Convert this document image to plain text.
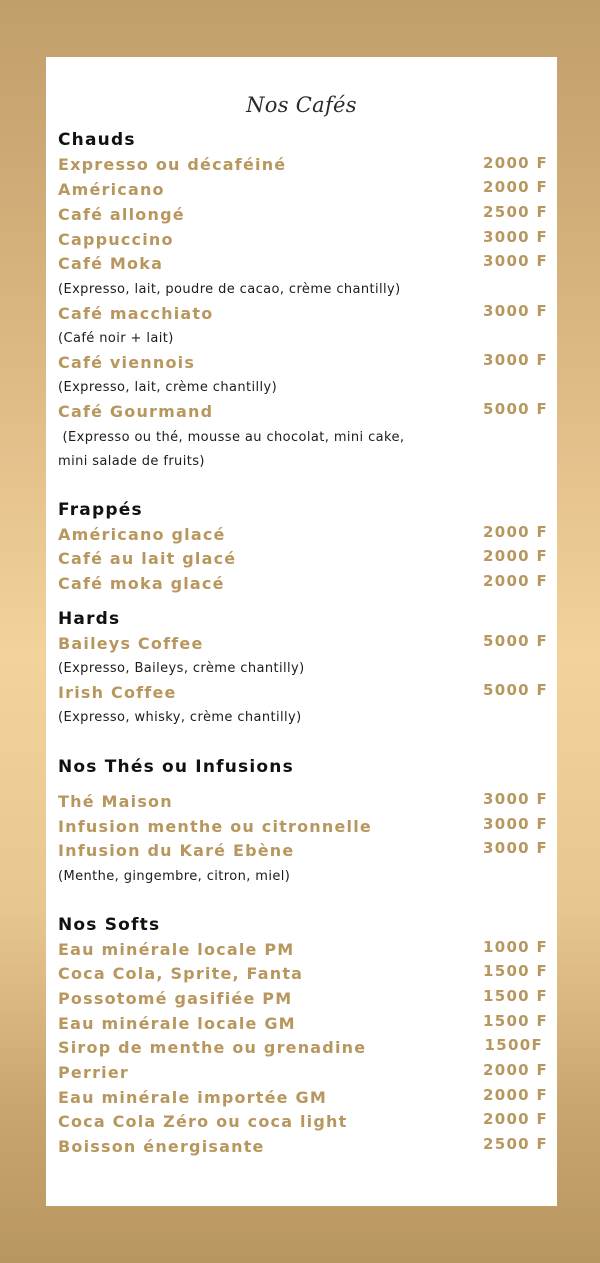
Nos Cafés
Chauds
Expresso ou décaféiné	2000 F
Américano	2000 F
Café allongé	2500 F
Cappuccino	3000 F
Café Moka	3000 F
(Expresso, lait, poudre de cacao, crème chantilly)
Café macchiato	3000 F
(Café noir + lait)
Café viennois	3000 F
(Expresso, lait, crème chantilly)
Café Gourmand	5000 F
(Expresso ou thé, mousse au chocolat, mini cake,
mini salade de fruits)
Frappés
Américano glacé	2000 F
Café au lait glacé	2000 F
Café moka glacé	2000 F
Hards
Baileys Coffee	5000 F
(Expresso, Baileys, crème chantilly)
Irish Coffee	5000 F
(Expresso, whisky, crème chantilly)
Nos Thés ou Infusions
Thé Maison	3000 F
Infusion menthe ou citronnelle	3000 F
Infusion du Karé Ebène	3000 F
(Menthe, gingembre, citron, miel)
Nos Softs
Eau minérale locale PM	1000 F
Coca Cola, Sprite, Fanta	1500 F
Possotomé gasifiée PM	1500 F
Eau minérale locale GM	1500 F
Sirop de menthe ou grenadine	1500F
Perrier	2000 F
Eau minérale importée GM	2000 F
Coca Cola Zéro ou coca light	2000 F
Boisson énergisante	2500 F
